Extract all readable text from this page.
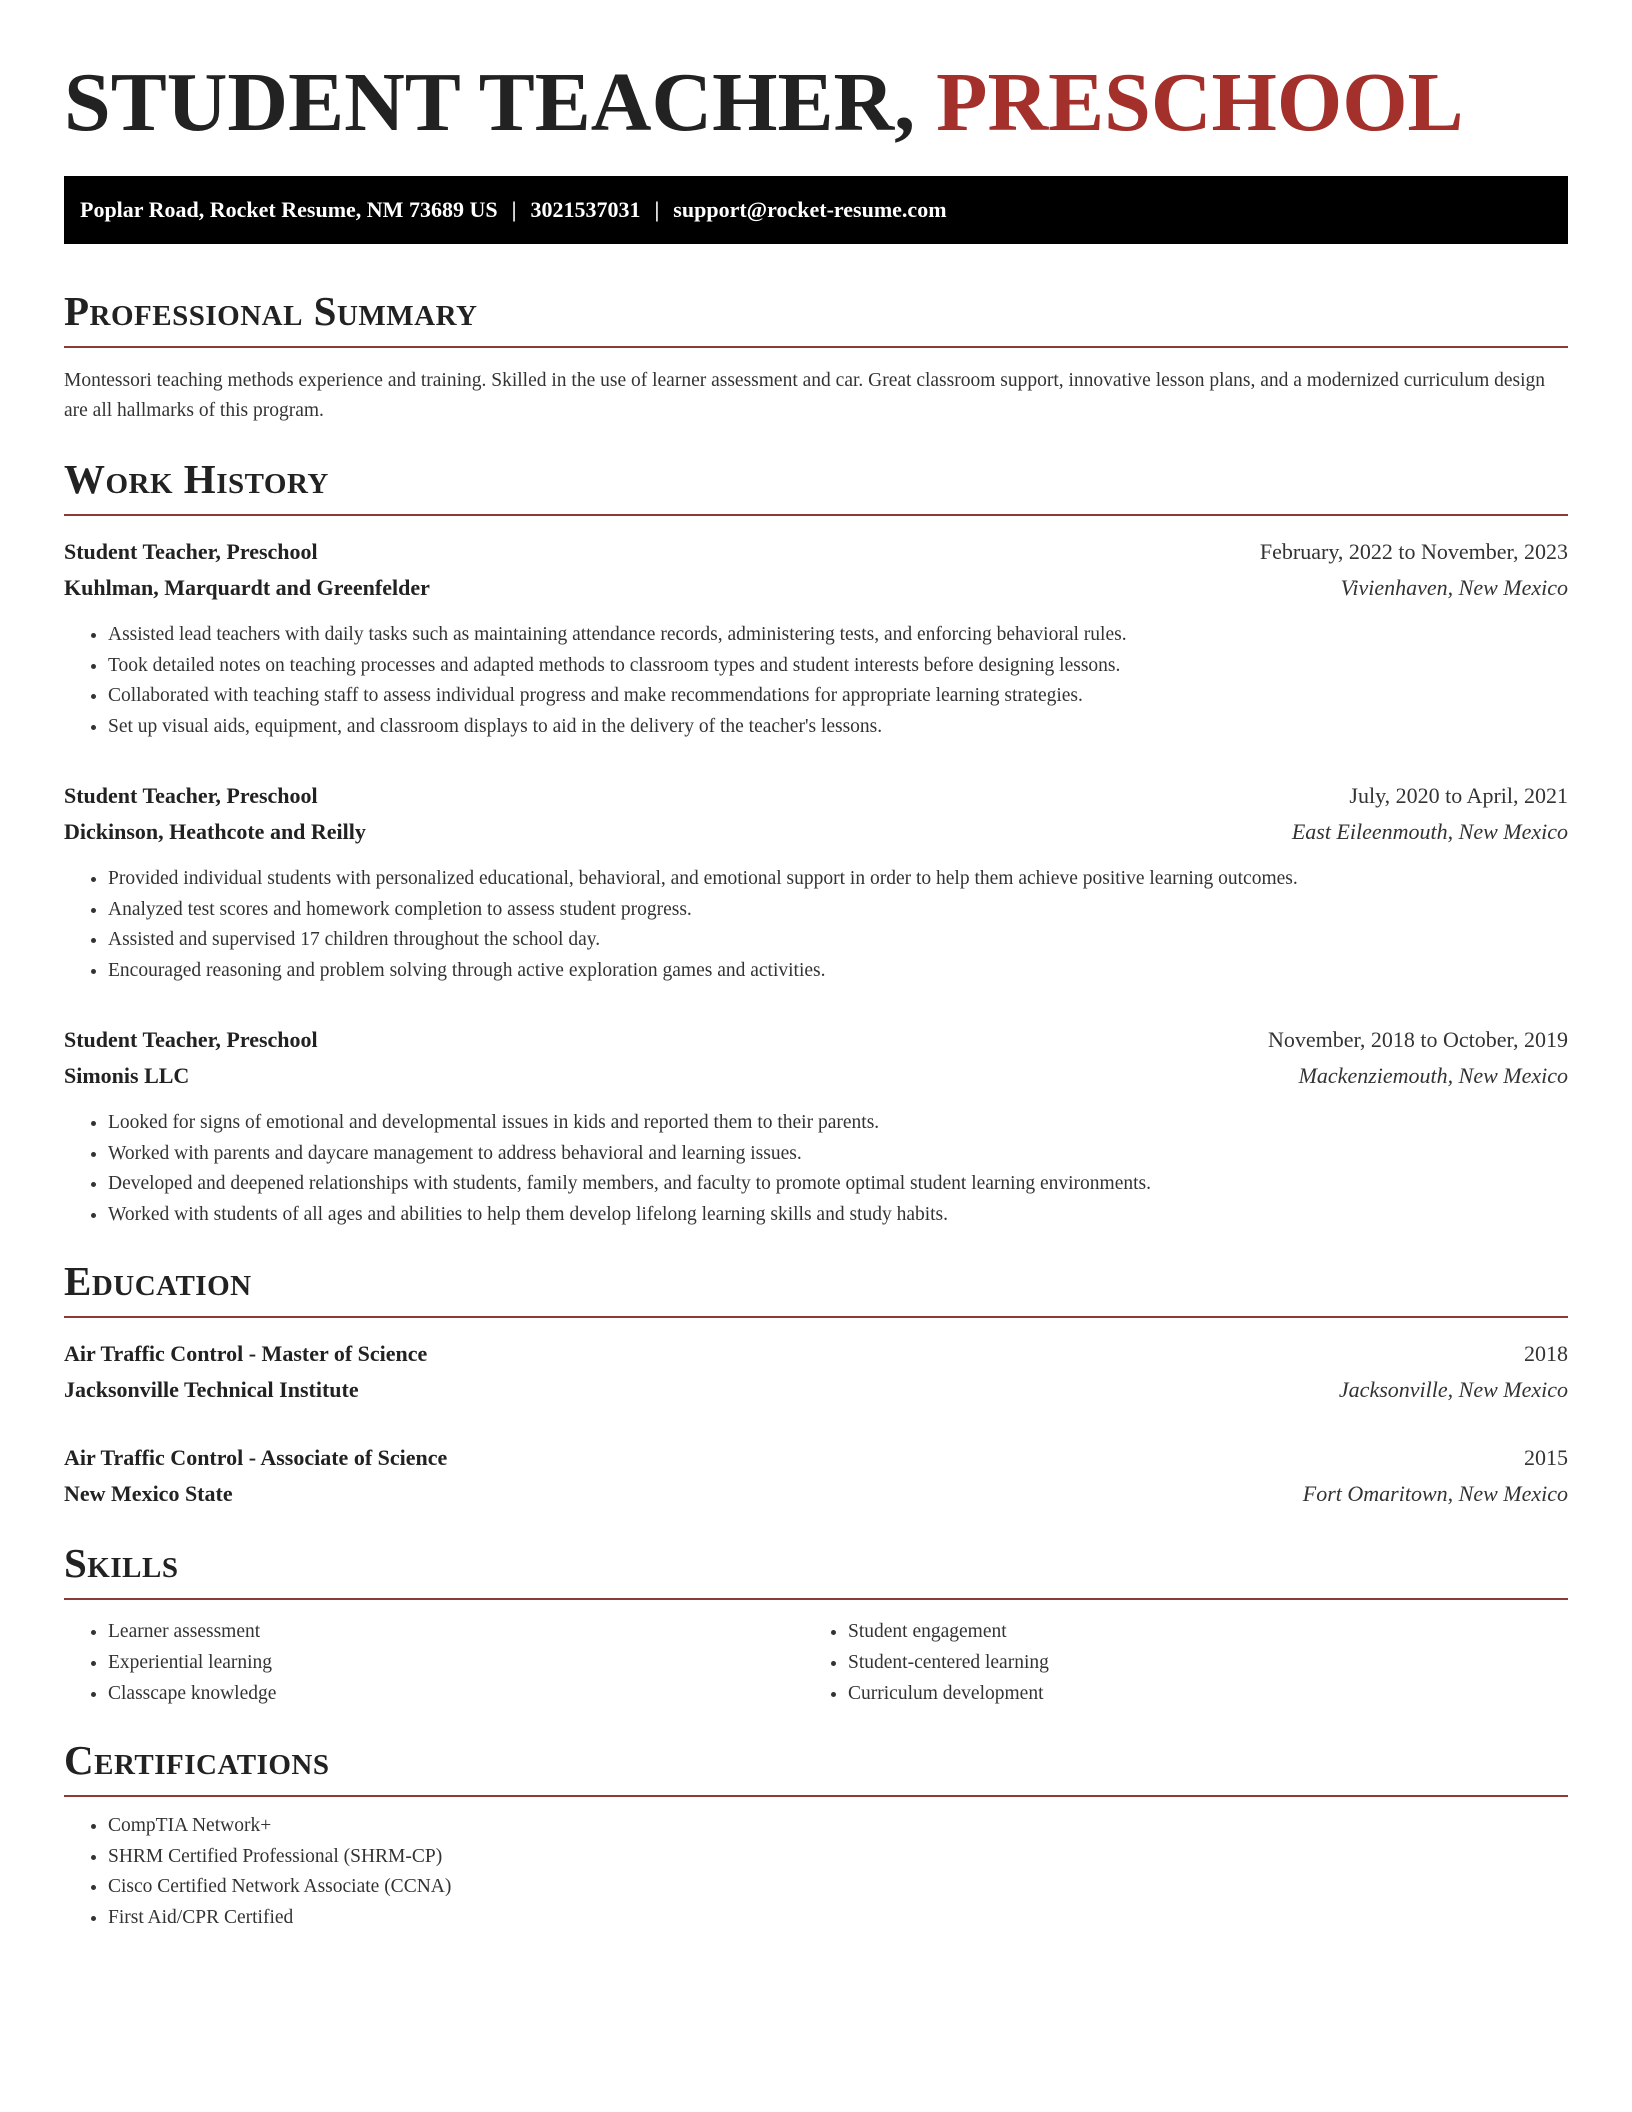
STUDENT TEACHER, PRESCHOOL
Poplar Road, Rocket Resume, NM 73689 US | 3021537031 | support@rocket-resume.com
Professional Summary

Montessori teaching methods experience and training. Skilled in the use of learner assessment and car. Great classroom support, innovative lesson plans, and a modernized curriculum design are all hallmarks of this program.

Work History
Student Teacher, Preschool	February, 2022 to November, 2023
Kuhlman, Marquardt and Greenfelder	Vivienhaven, New Mexico
• Assisted lead teachers with daily tasks such as maintaining attendance records, administering tests, and enforcing behavioral rules.
• Took detailed notes on teaching processes and adapted methods to classroom types and student interests before designing lessons.
• Collaborated with teaching staff to assess individual progress and make recommendations for appropriate learning strategies.
• Set up visual aids, equipment, and classroom displays to aid in the delivery of the teacher's lessons.
Student Teacher, Preschool	July, 2020 to April, 2021
Dickinson, Heathcote and Reilly	East Eileenmouth, New Mexico
• Provided individual students with personalized educational, behavioral, and emotional support in order to help them achieve positive learning outcomes.
• Analyzed test scores and homework completion to assess student progress.
• Assisted and supervised 17 children throughout the school day.
• Encouraged reasoning and problem solving through active exploration games and activities.
Student Teacher, Preschool	November, 2018 to October, 2019
Simonis LLC	Mackenziemouth, New Mexico
• Looked for signs of emotional and developmental issues in kids and reported them to their parents.
• Worked with parents and daycare management to address behavioral and learning issues.
• Developed and deepened relationships with students, family members, and faculty to promote optimal student learning environments.
• Worked with students of all ages and abilities to help them develop lifelong learning skills and study habits.
Education
Air Traffic Control - Master of Science	2018
Jacksonville Technical Institute	Jacksonville, New Mexico
Air Traffic Control - Associate of Science	2015
New Mexico State	Fort Omaritown, New Mexico
Skills
• Learner assessment
• Experiential learning
• Classcape knowledge
• Student engagement
• Student-centered learning
• Curriculum development
Certifications
• CompTIA Network+
• SHRM Certified Professional (SHRM-CP)
• Cisco Certified Network Associate (CCNA)
• First Aid/CPR Certified
